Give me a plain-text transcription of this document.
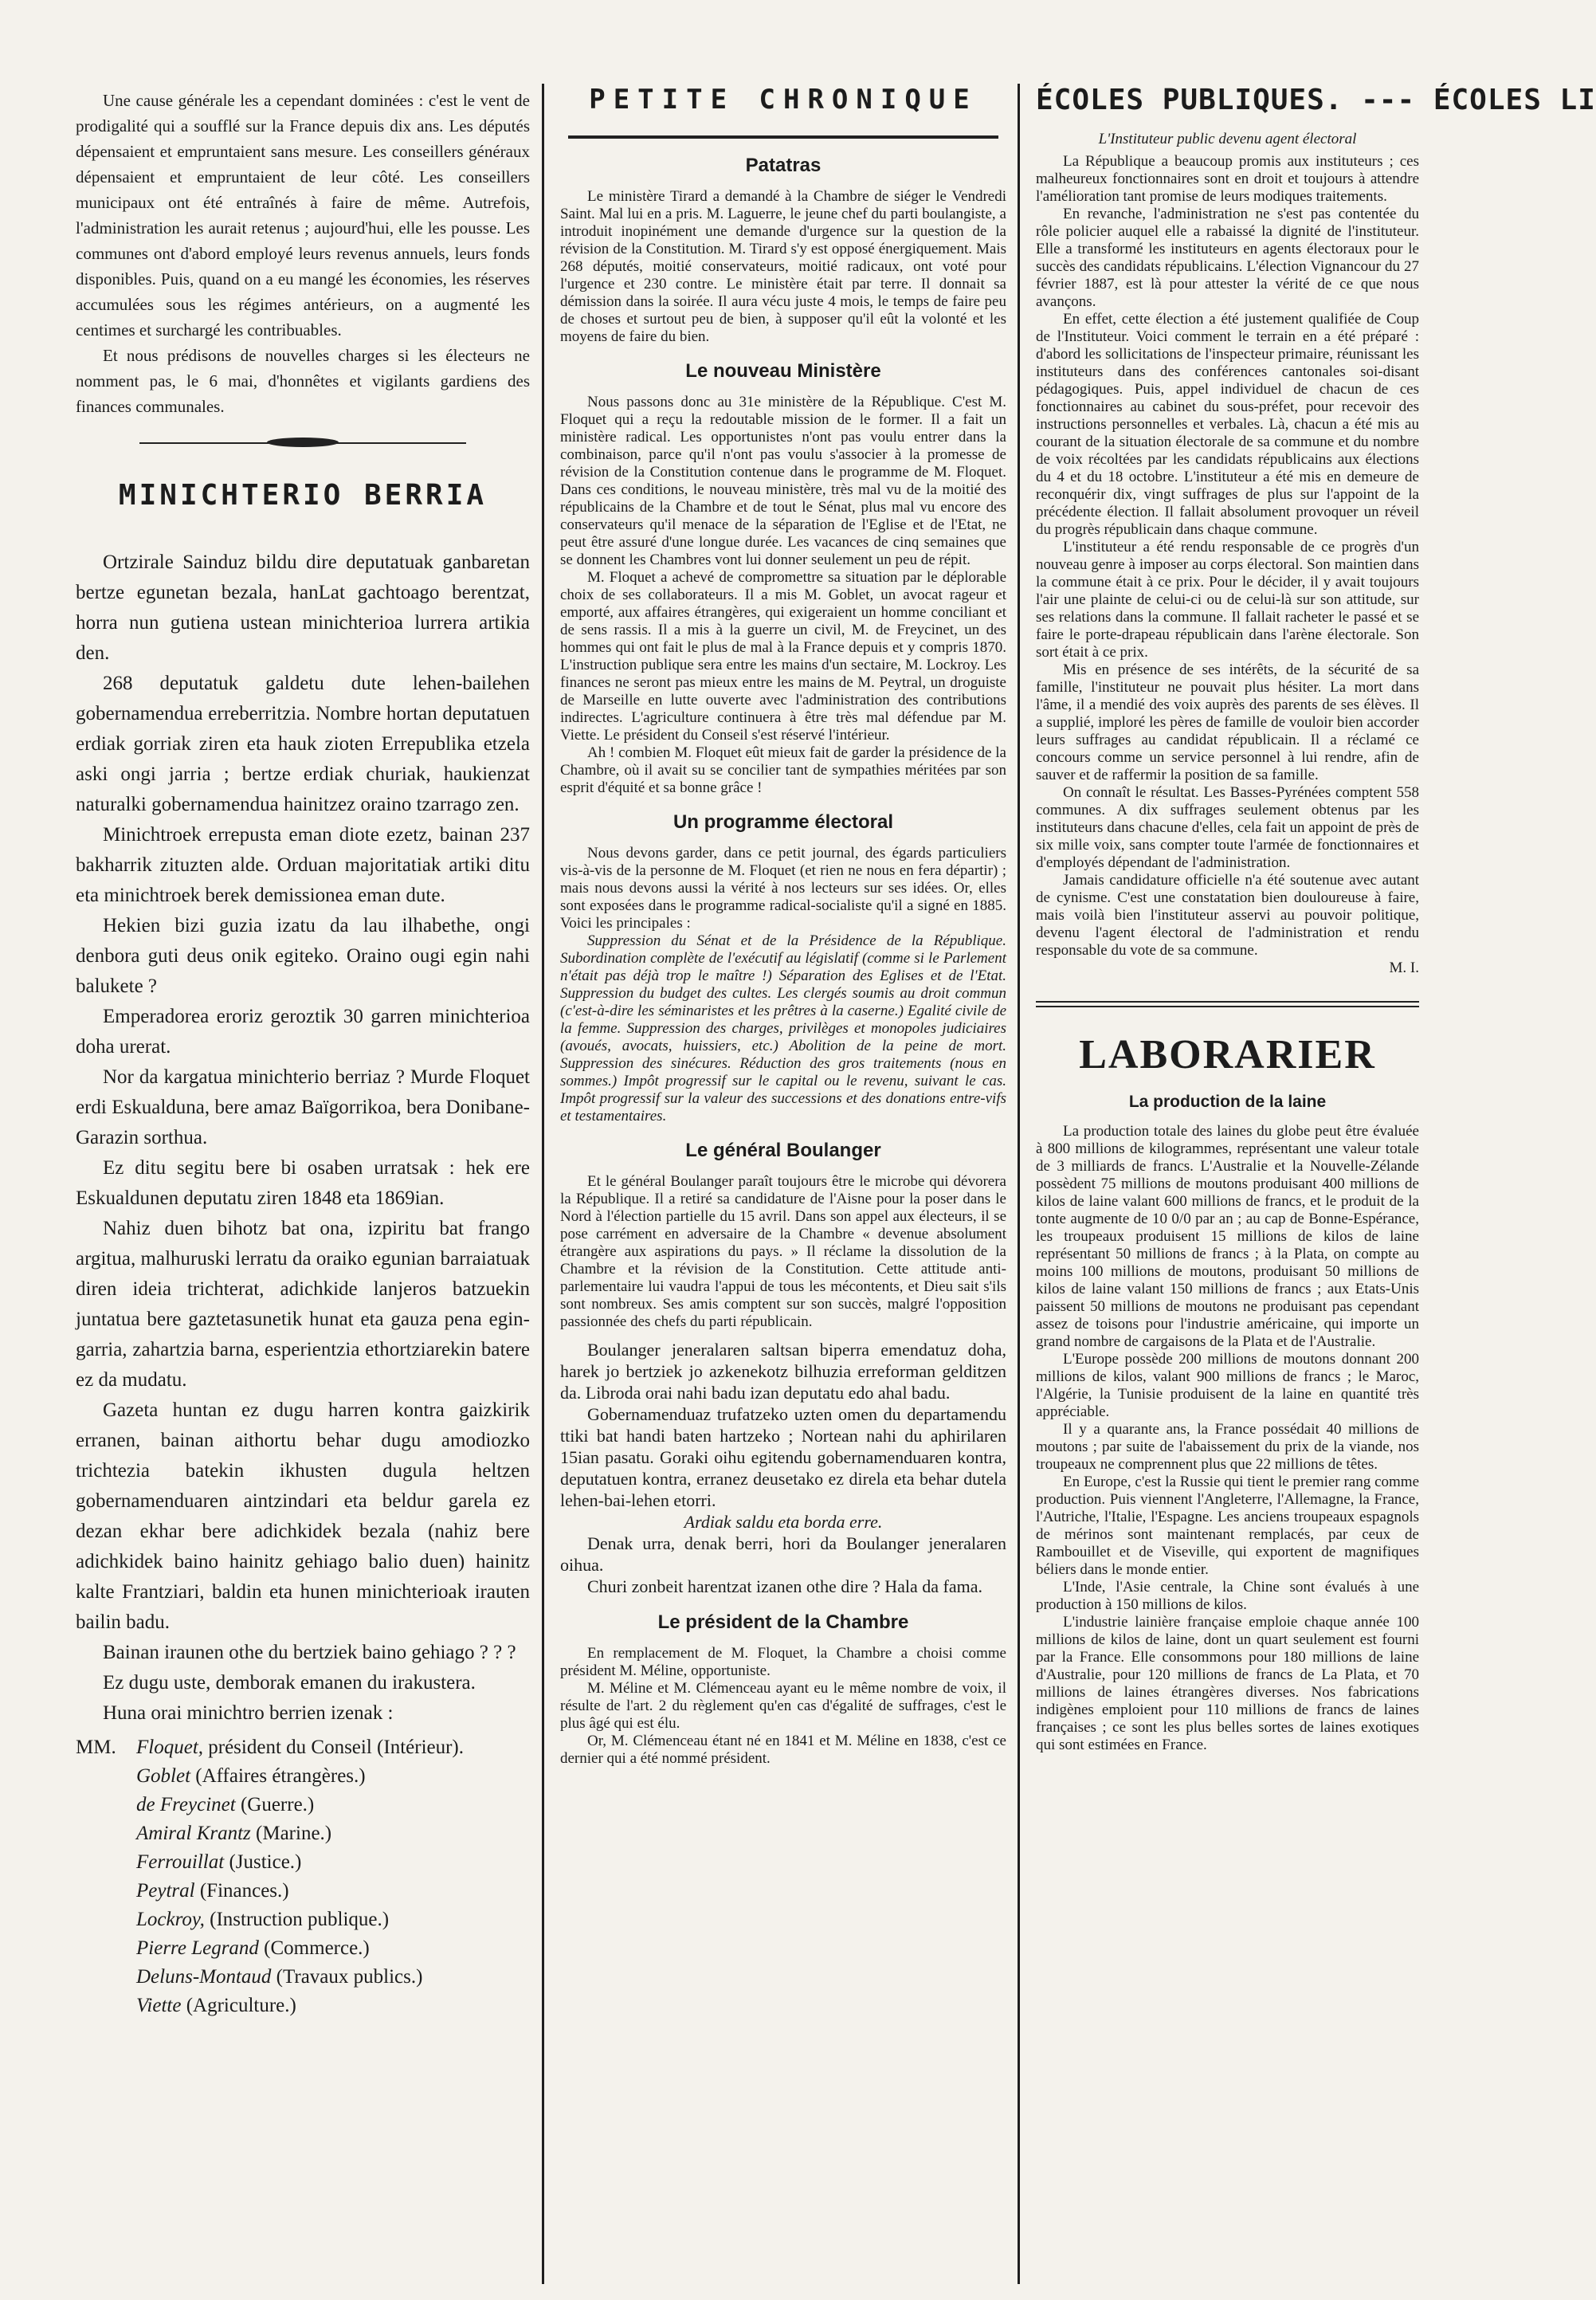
Une cause générale les a cependant dominées : c'est le vent de prodigalité qui a soufflé sur la France depuis dix ans. Les députés dépensaient et empruntaient sans mesure. Les conseillers généraux dépensaient et empruntaient de leur côté. Les conseillers municipaux ont été entraînés à faire de même. Autrefois, l'administration les aurait retenus ; aujourd'hui, elle les pousse. Les communes ont d'abord employé leurs revenus annuels, leurs fonds disponibles. Puis, quand on a eu mangé les économies, les réserves accumulées sous les régimes antérieurs, on a augmenté les centimes et surchargé les contribuables.

Et nous prédisons de nouvelles charges si les électeurs ne nomment pas, le 6 mai, d'honnêtes et vigilants gardiens des finances communales.

MINICHTERIO BERRIA

Ortzirale Sainduz bildu dire deputatuak ganbaretan bertze egunetan bezala, hanLat gachtoago berentzat, horra nun gutiena ustean minichterioa lurrera artikia den.

268 deputatuk galdetu dute lehen-bailehen gobernamendua erreberritzia. Nombre hortan deputatuen erdiak gorriak ziren eta hauk zioten Errepublika etzela aski ongi jarria ; bertze erdiak churiak, haukienzat naturalki gobernamendua hainitzez oraino tzarrago zen.

Minichtroek errepusta eman diote ezetz, bainan 237 bakharrik zituzten alde. Orduan majoritatiak artiki ditu eta minichtroek berek demissionea eman dute.

Hekien bizi guzia izatu da lau ilhabethe, ongi denbora guti deus onik egiteko. Oraino ougi egin nahi balukete ?

Emperadorea eroriz geroztik 30 garren minichterioa doha urerat.

Nor da kargatua minichterio berriaz ? Murde Floquet erdi Eskualduna, bere amaz Baïgorrikoa, bera Donibane-Garazin sorthua.

Ez ditu segitu bere bi osaben urratsak : hek ere Eskualdunen deputatu ziren 1848 eta 1869ian.

Nahiz duen bihotz bat ona, izpiritu bat frango argitua, malhuruski lerratu da oraiko egunian barraiatuak diren ideia trichterat, adichkide lanjeros batzuekin juntatua bere gaztetasunetik hunat eta gauza pena egin-garria, zahartzia barna, esperientzia ethortziarekin batere ez da mudatu.

Gazeta huntan ez dugu harren kontra gaizkirik erranen, bainan aithortu behar dugu amodiozko trichtezia batekin ikhusten dugula heltzen gobernamenduaren aintzindari eta beldur garela ez dezan ekhar bere adichkidek bezala (nahiz bere adichkidek baino hainitz gehiago balio duen) hainitz kalte Frantziari, baldin eta hunen minichterioak irauten bailin badu.

Bainan iraunen othe du bertziek baino gehiago ? ? ?

Ez dugu uste, demborak emanen du irakustera.

Huna orai minichtro berrien izenak :

MM. Floquet, président du Conseil (Intérieur).
Goblet (Affaires étrangères.)
de Freycinet (Guerre.)
Amiral Krantz (Marine.)
Ferrouillat (Justice.)
Peytral (Finances.)
Lockroy, (Instruction publique.)
Pierre Legrand (Commerce.)
Deluns-Montaud (Travaux publics.)
Viette (Agriculture.)
PETITE CHRONIQUE
Patatras

Le ministère Tirard a demandé à la Chambre de siéger le Vendredi Saint. Mal lui en a pris. M. Laguerre, le jeune chef du parti boulangiste, a introduit inopinément une demande d'urgence sur la question de la révision de la Constitution. M. Tirard s'y est opposé énergiquement. Mais 268 députés, moitié conservateurs, moitié radicaux, ont voté pour l'urgence et 230 contre. Le ministère était par terre. Il donnait sa démission dans la soirée. Il aura vécu juste 4 mois, le temps de faire peu de choses et surtout peu de bien, à supposer qu'il eût la volonté et les moyens de faire du bien.

Le nouveau Ministère

Nous passons donc au 31e ministère de la République. C'est M. Floquet qui a reçu la redoutable mission de le former. Il a fait un ministère radical. Les opportunistes n'ont pas voulu entrer dans la combinaison, parce qu'il n'ont pas voulu s'associer à la promesse de révision de la Constitution contenue dans le programme de M. Floquet. Dans ces conditions, le nouveau ministère, très mal vu de la moitié des républicains de la Chambre et de tout le Sénat, plus mal vu encore des conservateurs qu'il menace de la séparation de l'Eglise et de l'Etat, ne peut être assuré d'une longue durée. Les vacances de cinq semaines que se donnent les Chambres vont lui donner seulement un peu de répit.

M. Floquet a achevé de compromettre sa situation par le déplorable choix de ses collaborateurs. Il a mis M. Goblet, un avocat rageur et emporté, aux affaires étrangères, qui exigeraient un homme conciliant et de sens rassis. Il a mis à la guerre un civil, M. de Freycinet, un des hommes qui ont fait le plus de mal à la France depuis et y compris 1870. L'instruction publique sera entre les mains d'un sectaire, M. Lockroy. Les finances ne seront pas mieux entre les mains de M. Peytral, un droguiste de Marseille en lutte ouverte avec l'administration des contributions indirectes. L'agriculture continuera à être très mal défendue par M. Viette. Le président du Conseil s'est réservé l'intérieur.

Ah ! combien M. Floquet eût mieux fait de garder la présidence de la Chambre, où il avait su se concilier tant de sympathies méritées par son esprit d'équité et sa bonne grâce !

Un programme électoral

Nous devons garder, dans ce petit journal, des égards particuliers vis-à-vis de la personne de M. Floquet (et rien ne nous en fera départir) ; mais nous devons aussi la vérité à nos lecteurs sur ses idées. Or, elles sont exposées dans le programme radical-socialiste qu'il a signé en 1885. Voici les principales :

Suppression du Sénat et de la Présidence de la République. Subordination complète de l'exécutif au législatif (comme si le Parlement n'était pas déjà trop le maître !) Séparation des Eglises et de l'Etat. Suppression du budget des cultes. Les clergés soumis au droit commun (c'est-à-dire les séminaristes et les prêtres à la caserne.) Egalité civile de la femme. Suppression des charges, privilèges et monopoles judiciaires (avoués, avocats, huissiers, etc.) Abolition de la peine de mort. Suppression des sinécures. Réduction des gros traitements (nous en sommes.) Impôt progressif sur le capital ou le revenu, suivant le cas. Impôt progressif sur la valeur des successions et des donations entre-vifs et testamentaires.

Le général Boulanger

Et le général Boulanger paraît toujours être le microbe qui dévorera la République. Il a retiré sa candidature de l'Aisne pour la poser dans le Nord à l'élection partielle du 15 avril. Dans son appel aux électeurs, il se pose carrément en adversaire de la Chambre « devenue absolument étrangère aux aspirations du pays. » Il réclame la dissolution de la Chambre et la révision de la Constitution. Cette attitude anti-parlementaire lui vaudra l'appui de tous les mécontents, et Dieu sait s'ils sont nombreux. Ses amis comptent sur son succès, malgré l'opposition passionnée des chefs du parti républicain.

Boulanger jeneralaren saltsan biperra emendatuz doha, harek jo bertziek jo azkenekotz bilhuzia erreforman gelditzen da. Libroda orai nahi badu izan deputatu edo ahal badu.

Gobernamenduaz trufatzeko uzten omen du departamendu ttiki bat handi baten hartzeko ; Nortean nahi du aphirilaren 15ian pasatu. Goraki oihu egitendu gobernamenduaren kontra, deputatuen kontra, erranez deusetako ez direla eta behar dutela lehen-bai-lehen etorri.

Ardiak saldu eta borda erre.

Denak urra, denak berri, hori da Boulanger jeneralaren oihua.

Churi zonbeit harentzat izanen othe dire ? Hala da fama.

Le président de la Chambre

En remplacement de M. Floquet, la Chambre a choisi comme président M. Méline, opportuniste.

M. Méline et M. Clémenceau ayant eu le même nombre de voix, il résulte de l'art. 2 du règlement qu'en cas d'égalité de suffrages, c'est le plus âgé qui est élu.

Or, M. Clémenceau étant né en 1841 et M. Méline en 1838, c'est ce dernier qui a été nommé président.

ÉCOLES PUBLIQUES. --- ÉCOLES LI

L'Instituteur public devenu agent électoral

La République a beaucoup promis aux instituteurs ; ces malheureux fonctionnaires sont en droit et toujours à attendre l'amélioration tant promise de leurs modiques traitements.

En revanche, l'administration ne s'est pas contentée du rôle policier auquel elle a rabaissé la dignité de l'instituteur. Elle a transformé les instituteurs en agents électoraux pour le succès des candidats républicains. L'élection Vignancour du 27 février 1887, est là pour attester la vérité de ce que nous avançons.

En effet, cette élection a été justement qualifiée de Coup de l'Instituteur. Voici comment le terrain en a été préparé : d'abord les sollicitations de l'inspecteur primaire, réunissant les instituteurs dans des conférences cantonales soi-disant pédagogiques. Puis, appel individuel de chacun de ces fonctionnaires au cabinet du sous-préfet, pour recevoir des instructions personnelles et verbales. Là, chacun a été mis au courant de la situation électorale de sa commune et du nombre de voix récoltées par les candidats républicains aux élections du 4 et du 18 octobre. L'instituteur a été mis en demeure de reconquérir dix, vingt suffrages de plus sur l'appoint de la précédente élection. Il fallait absolument provoquer un réveil du progrès républicain dans chaque commune.

L'instituteur a été rendu responsable de ce progrès d'un nouveau genre à imposer au corps électoral. Son maintien dans la commune était à ce prix. Pour le décider, il y avait toujours l'air une plainte de celui-ci ou de celui-là sur son attitude, sur ses relations dans la commune. Il fallait racheter le passé et se faire le porte-drapeau républicain dans l'arène électorale. Son sort était à ce prix.

Mis en présence de ses intérêts, de la sécurité de sa famille, l'instituteur ne pouvait plus hésiter. La mort dans l'âme, il a mendié des voix auprès des parents de ses élèves. Il a supplié, imploré les pères de famille de vouloir bien accorder leurs suffrages au candidat républicain. Il a réclamé ce concours comme un service personnel à lui rendre, afin de sauver et de raffermir la position de sa famille.

On connaît le résultat. Les Basses-Pyrénées comptent 558 communes. A dix suffrages seulement obtenus par les instituteurs dans chacune d'elles, cela fait un appoint de près de six mille voix, sans compter toute l'armée de fonctionnaires et d'employés dépendant de l'administration.

Jamais candidature officielle n'a été soutenue avec autant de cynisme. C'est une constatation bien douloureuse à faire, mais voilà bien l'instituteur asservi au pouvoir politique, devenu l'agent électoral de l'administration et rendu responsable du vote de sa commune.

M. I.

LABORARIER
La production de la laine

La production totale des laines du globe peut être évaluée à 800 millions de kilogrammes, représentant une valeur totale de 3 milliards de francs. L'Australie et la Nouvelle-Zélande possèdent 75 millions de moutons produisant 400 millions de kilos de laine valant 600 millions de francs, et le produit de la tonte augmente de 10 0/0 par an ; au cap de Bonne-Espérance, les troupeaux produisent 15 millions de kilos de laine représentant 50 millions de francs ; à la Plata, on compte au moins 100 millions de moutons, produisant 50 millions de kilos de laine valant 150 millions de francs ; aux Etats-Unis paissent 50 millions de moutons ne produisant pas cependant assez de toisons pour l'industrie américaine, qui importe un grand nombre de cargaisons de la Plata et de l'Australie.

L'Europe possède 200 millions de moutons donnant 200 millions de kilos, valant 900 millions de francs ; le Maroc, l'Algérie, la Tunisie produisent de la laine en quantité très appréciable.

Il y a quarante ans, la France possédait 40 millions de moutons ; par suite de l'abaissement du prix de la viande, nos troupeaux ne comprennent plus que 22 millions de têtes.

En Europe, c'est la Russie qui tient le premier rang comme production. Puis viennent l'Angleterre, l'Allemagne, la France, l'Autriche, l'Italie, l'Espagne. Les anciens troupeaux espagnols de mérinos sont maintenant remplacés, par ceux de Rambouillet et de Viseville, qui exportent de magnifiques béliers dans le monde entier.

L'Inde, l'Asie centrale, la Chine sont évalués à une production à 150 millions de kilos.

L'industrie lainière française emploie chaque année 100 millions de kilos de laine, dont un quart seulement est fourni par la France. Elle consommons pour 180 millions de laine d'Australie, pour 120 millions de francs de La Plata, et 70 millions de laines étrangères diverses. Nos fabrications indigènes emploient pour 110 millions de francs de laines françaises ; ce sont les plus belles sortes de laines exotiques qui sont estimées en France.
